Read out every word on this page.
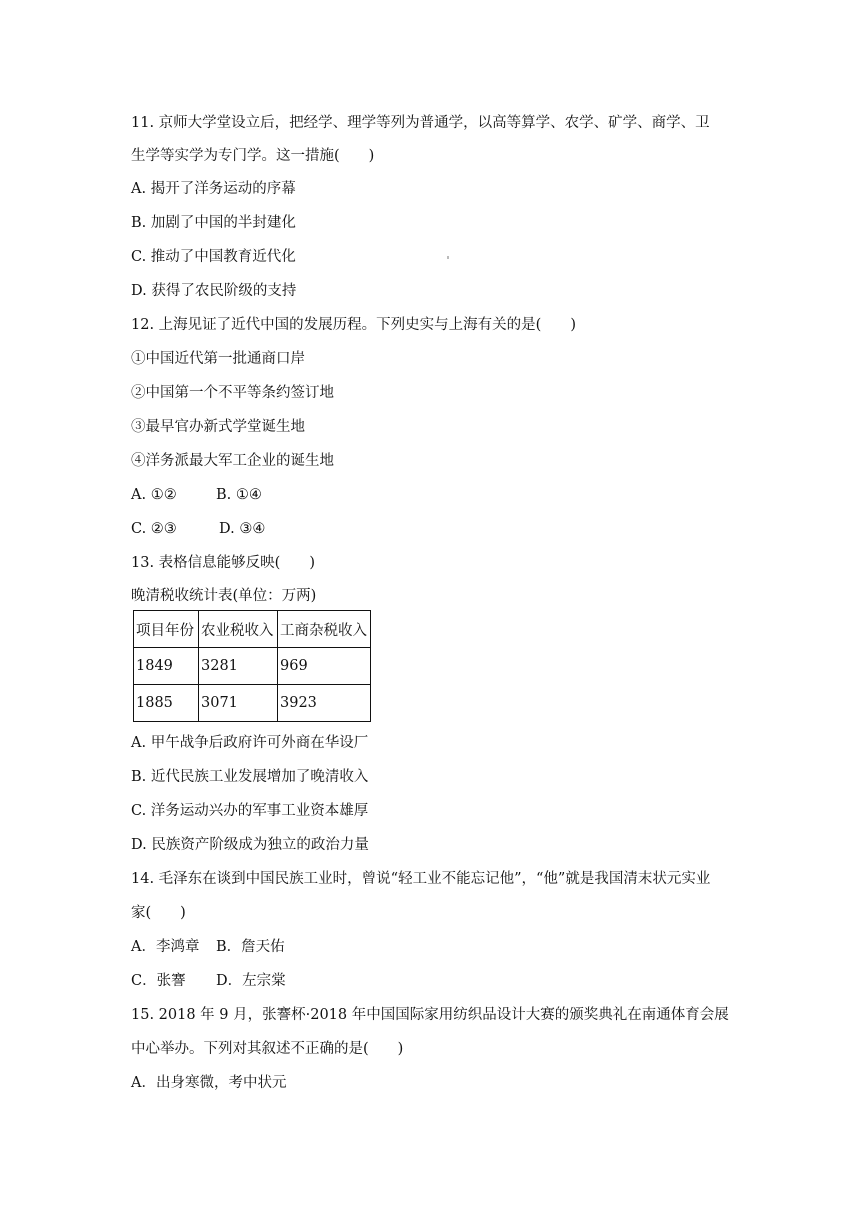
11. 京师大学堂设立后，把经学、理学等列为普通学，以高等算学、农学、矿学、商学、卫
生学等实学为专门学。这一措施(　　)
A. 揭开了洋务运动的序幕
B. 加剧了中国的半封建化
C. 推动了中国教育近代化
D. 获得了农民阶级的支持
12. 上海见证了近代中国的发展历程。下列史实与上海有关的是(　　)
①中国近代第一批通商口岸
②中国第一个不平等条约签订地
③最早官办新式学堂诞生地
④洋务派最大军工企业的诞生地
A. ①②	B. ①④
C. ②③	D. ③④
13. 表格信息能够反映(　　)
晚清税收统计表(单位：万两)
项目年份	农业税收入	工商杂税收入
1849	3281	969
1885	3071	3923
A. 甲午战争后政府许可外商在华设厂
B. 近代民族工业发展增加了晚清收入
C. 洋务运动兴办的军事工业资本雄厚
D. 民族资产阶级成为独立的政治力量
14. 毛泽东在谈到中国民族工业时，曾说“轻工业不能忘记他”，“他”就是我国清末状元实业
家(　　)
A．李鸿章 B．詹天佑
C．张謇 D．左宗棠
15. 2018 年 9 月，张謇杯·2018 年中国国际家用纺织品设计大赛的颁奖典礼在南通体育会展
中心举办。下列对其叙述不正确的是(　　)
A．出身寒微，考中状元
